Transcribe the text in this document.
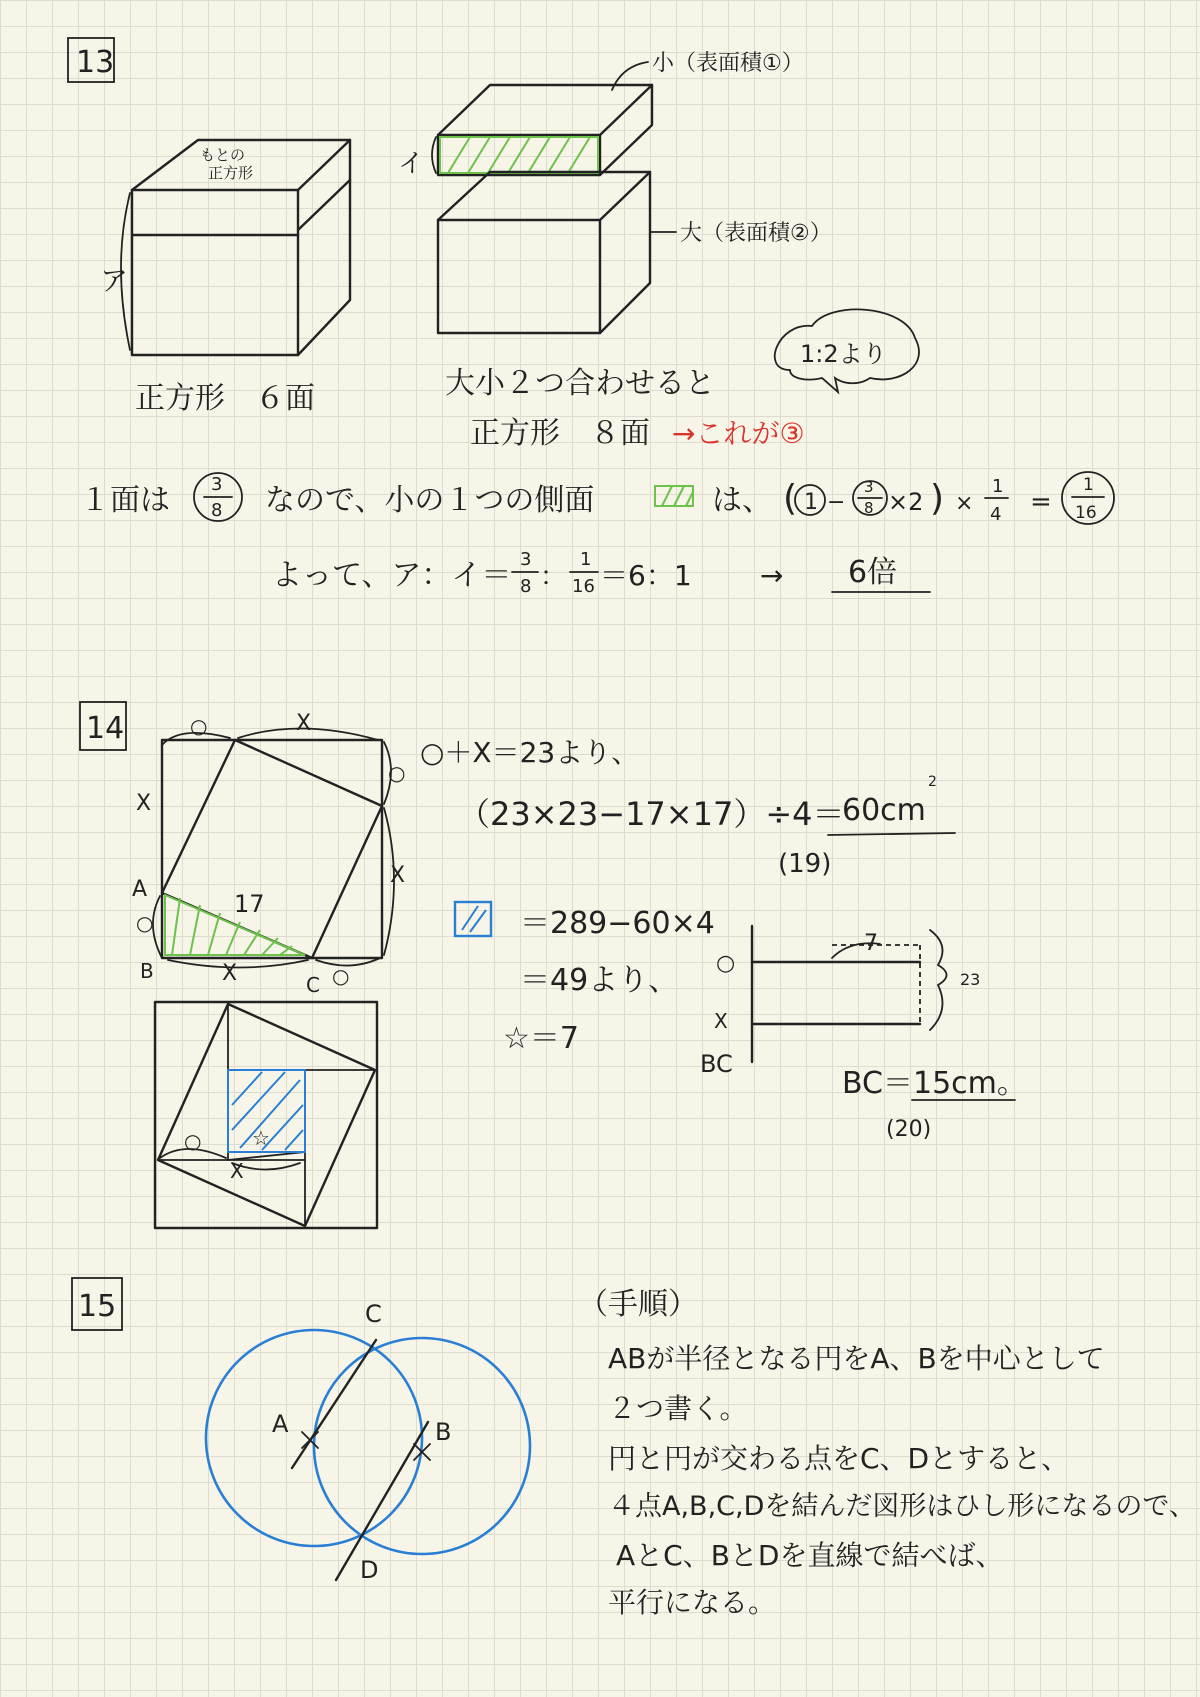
13
もとの
正方形
ア
イ
小（表面積①）
大（表面積②）
正方形　６面	大小２つ合わせると
正方形　８面 →これが③
1:2より
１面は 3
8 なので、小の１つの側面	は、 ( 1 −
3
8 ×2 ) ×
1
4 =
1
16
よって、ア：イ＝ 3
8 ：
1
16 ＝6：1 → 6倍
14	○	X
○
X
X
A
○
B	X	C ○
17
○
X
☆
○＋X＝23より、
（23×23−17×17）÷4＝
60cm
2
(19)
＝289−60×4
＝49より、
☆＝7
○
X
BC
7
23
BC＝15cm。
(20)
15	C
A	B
D
（手順）
ABが半径となる円をA、Bを中心として
２つ書く。
円と円が交わる点をC、Dとすると、
４点A,B,C,Dを結んだ図形はひし形になるので、
AとC、BとDを直線で結べば、
平行になる。
